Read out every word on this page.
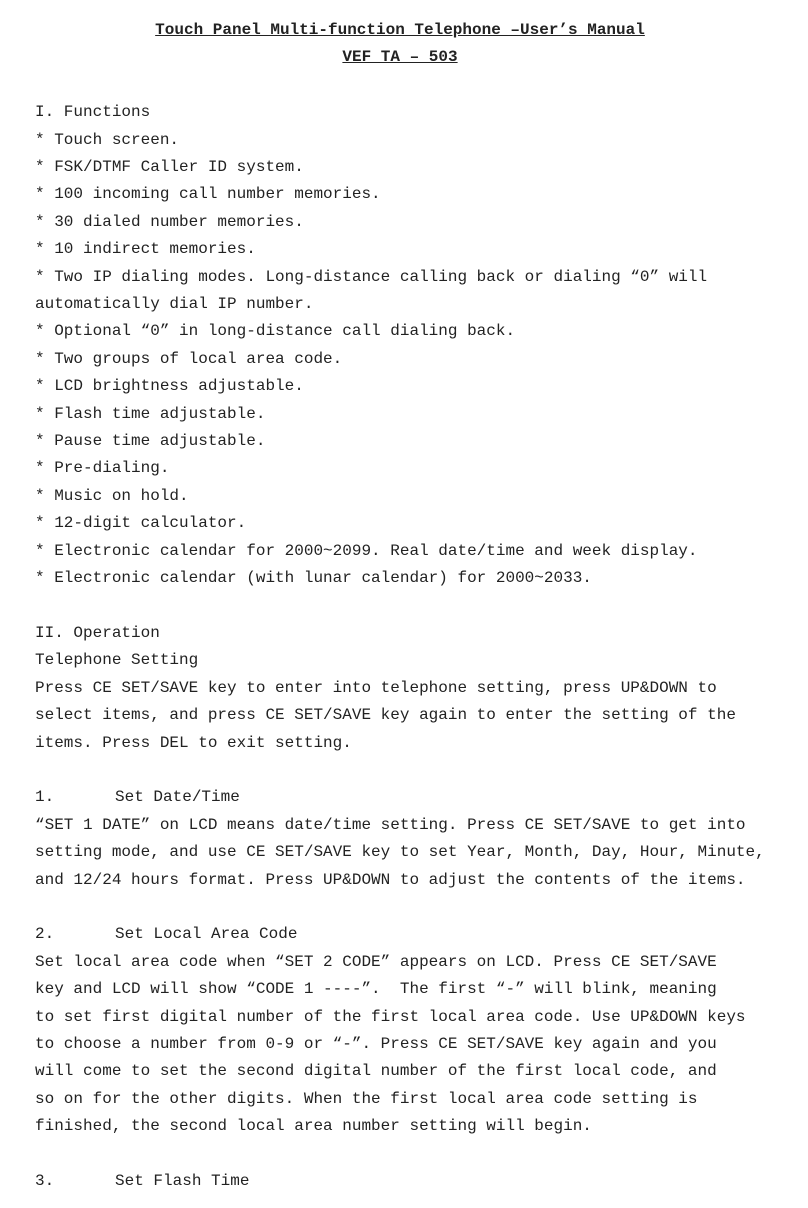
Touch Panel Multi-function Telephone –User’s Manual

VEF TA – 503

I. Functions

* Touch screen.

* FSK/DTMF Caller ID system.

* 100 incoming call number memories.

* 30 dialed number memories.

* 10 indirect memories.

* Two IP dialing modes. Long-distance calling back or dialing “0” will

automatically dial IP number.

* Optional “0” in long-distance call dialing back.

* Two groups of local area code.

* LCD brightness adjustable.

* Flash time adjustable.

* Pause time adjustable.

* Pre-dialing.

* Music on hold.

* 12-digit calculator.

* Electronic calendar for 2000~2099. Real date/time and week display.

* Electronic calendar (with lunar calendar) for 2000~2033.

II. Operation

Telephone Setting

Press CE SET/SAVE key to enter into telephone setting, press UP&DOWN to

select items, and press CE SET/SAVE key again to enter the setting of the

items. Press DEL to exit setting.

1.	Set Date/Time

“SET 1 DATE” on LCD means date/time setting. Press CE SET/SAVE to get into

setting mode, and use CE SET/SAVE key to set Year, Month, Day, Hour, Minute,

and 12/24 hours format. Press UP&DOWN to adjust the contents of the items.

2.	Set Local Area Code

Set local area code when “SET 2 CODE” appears on LCD. Press CE SET/SAVE

key and LCD will show “CODE 1 ----”.  The first “-” will blink, meaning

to set first digital number of the first local area code. Use UP&DOWN keys

to choose a number from 0-9 or “-”. Press CE SET/SAVE key again and you

will come to set the second digital number of the first local code, and

so on for the other digits. When the first local area code setting is

finished, the second local area number setting will begin.

3.	Set Flash Time
